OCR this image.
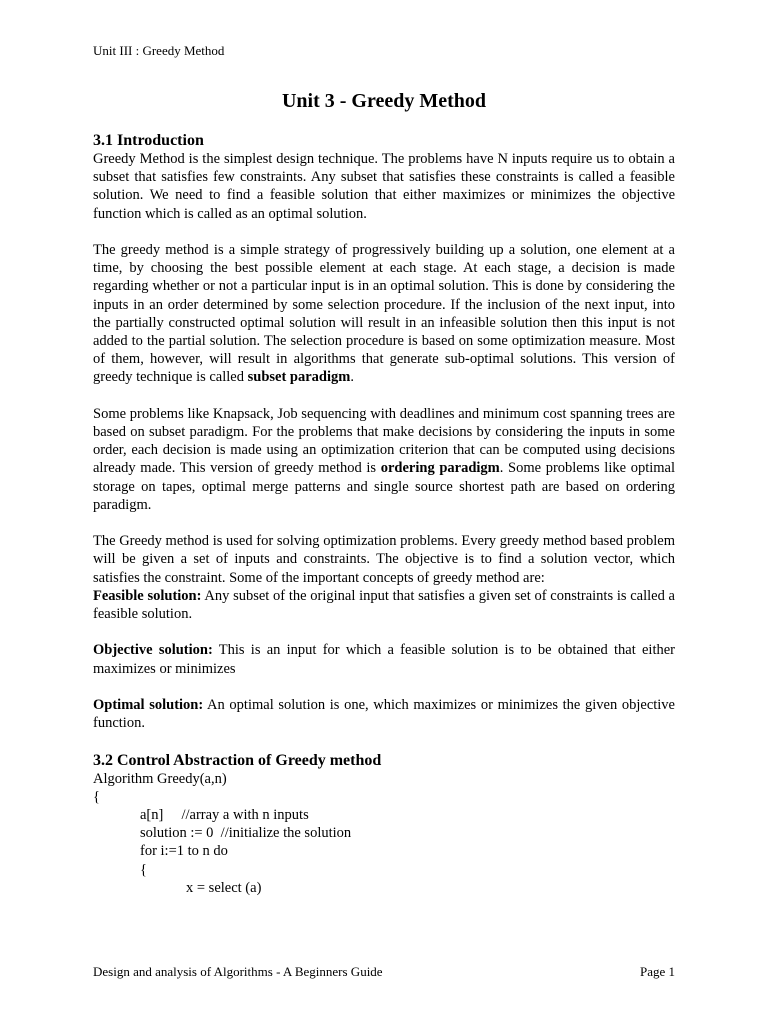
Unit III : Greedy Method
Unit 3 - Greedy Method
3.1 Introduction

Greedy Method is the simplest design technique. The problems have N inputs require us to obtain a subset that satisfies few constraints. Any subset that satisfies these constraints is called a feasible solution. We need to find a feasible solution that either maximizes or minimizes the objective function which is called as an optimal solution.

The greedy method is a simple strategy of progressively building up a solution, one element at a time, by choosing the best possible element at each stage. At each stage, a decision is made regarding whether or not a particular input is in an optimal solution. This is done by considering the inputs in an order determined by some selection procedure. If the inclusion of the next input, into the partially constructed optimal solution will result in an infeasible solution then this input is not added to the partial solution. The selection procedure is based on some optimization measure. Most of them, however, will result in algorithms that generate sub-optimal solutions. This version of greedy technique is called subset paradigm.

Some problems like Knapsack, Job sequencing with deadlines and minimum cost spanning trees are based on subset paradigm. For the problems that make decisions by considering the inputs in some order, each decision is made using an optimization criterion that can be computed using decisions already made. This version of greedy method is ordering paradigm. Some problems like optimal storage on tapes, optimal merge patterns and single source shortest path are based on ordering paradigm.

The Greedy method is used for solving optimization problems. Every greedy method based problem will be given a set of inputs and constraints. The objective is to find a solution vector, which satisfies the constraint. Some of the important concepts of greedy method are:

Feasible solution: Any subset of the original input that satisfies a given set of constraints is called a feasible solution.

Objective solution: This is an input for which a feasible solution is to be obtained that either maximizes or minimizes

Optimal solution: An optimal solution is one, which maximizes or minimizes the given objective function.

3.2 Control Abstraction of Greedy method
Algorithm Greedy(a,n)
{
a[n]     //array a with n inputs
solution := 0  //initialize the solution
for i:=1 to n do
{
x = select (a)
Design and analysis of Algorithms - A Beginners Guide	Page 1
